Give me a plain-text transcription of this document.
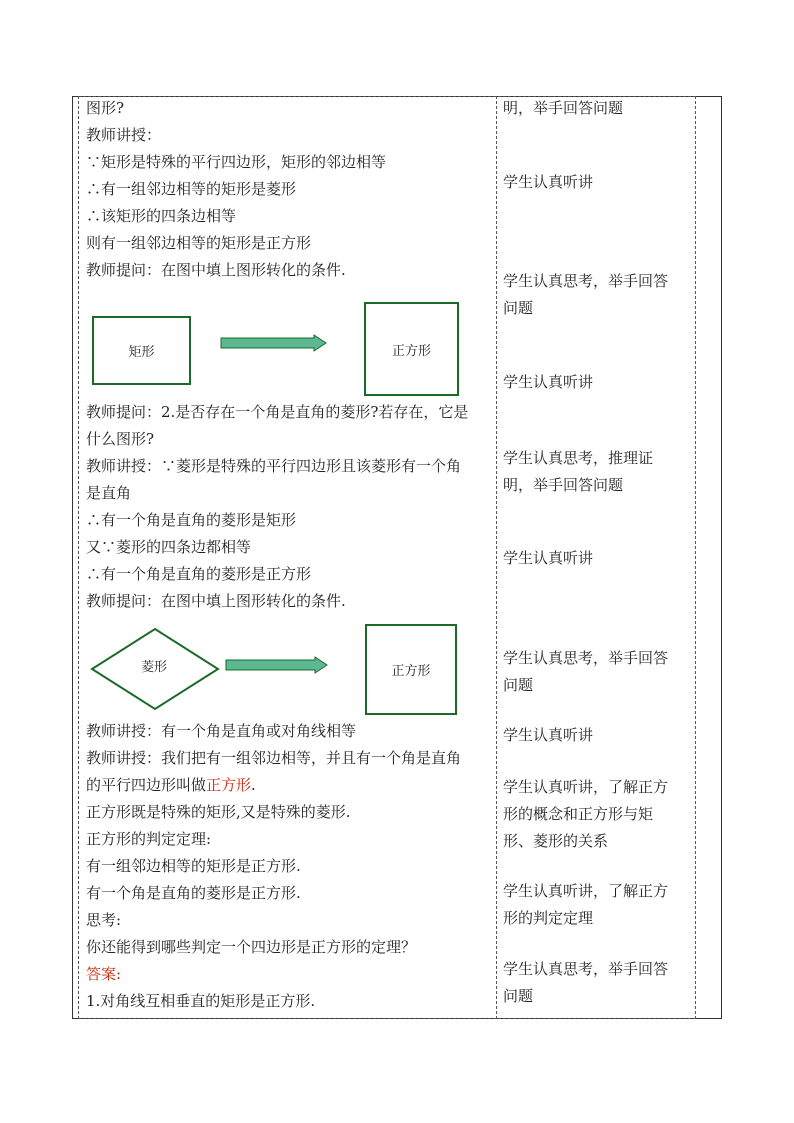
图形?
教师讲授：
∵矩形是特殊的平行四边形，矩形的邻边相等
∴有一组邻边相等的矩形是菱形
∴该矩形的四条边相等
则有一组邻边相等的矩形是正方形
教师提问：在图中填上图形转化的条件.
矩形	正方形
教师提问：2.是否存在一个角是直角的菱形?若存在，它是
什么图形?
教师讲授：∵菱形是特殊的平行四边形且该菱形有一个角
是直角
∴有一个角是直角的菱形是矩形
又∵菱形的四条边都相等
∴有一个角是直角的菱形是正方形
教师提问：在图中填上图形转化的条件.
菱形	正方形
教师讲授：有一个角是直角或对角线相等
教师讲授：我们把有一组邻边相等，并且有一个角是直角
的平行四边形叫做正方形.
正方形既是特殊的矩形,又是特殊的菱形.
正方形的判定定理:
有一组邻边相等的矩形是正方形.
有一个角是直角的菱形是正方形.
思考:
你还能得到哪些判定一个四边形是正方形的定理？
答案:
1.对角线互相垂直的矩形是正方形.
明，举手回答问题
学生认真听讲
学生认真思考，举手回答
问题
学生认真听讲
学生认真思考，推理证
明，举手回答问题
学生认真听讲
学生认真思考，举手回答
问题
学生认真听讲
学生认真听讲，了解正方
形的概念和正方形与矩
形、菱形的关系
学生认真听讲，了解正方
形的判定定理
学生认真思考，举手回答
问题
